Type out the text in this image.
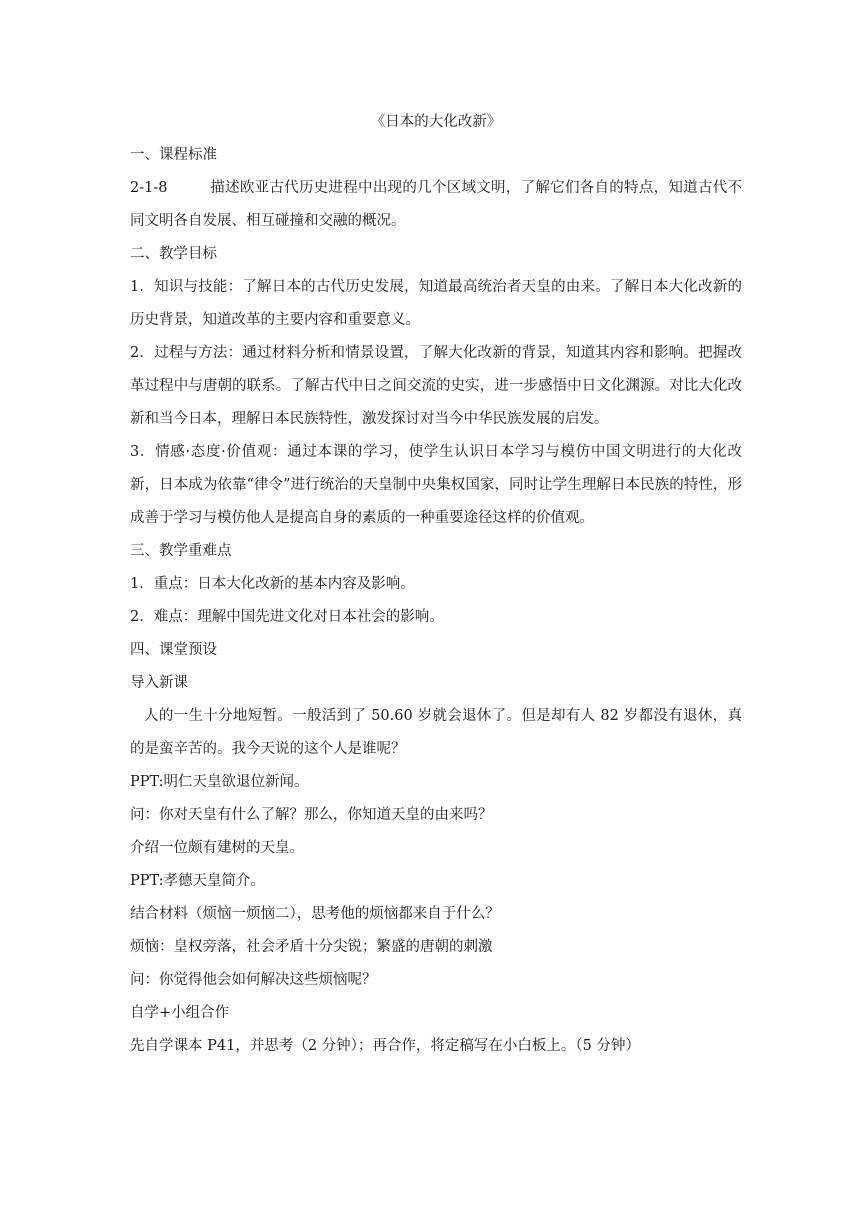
《日本的大化改新》

一、课程标准

2-1-8	描述欧亚古代历史进程中出现的几个区域文明，了解它们各自的特点，知道古代不同文明各自发展、相互碰撞和交融的概况。

二、教学目标

1．知识与技能：了解日本的古代历史发展，知道最高统治者天皇的由来。了解日本大化改新的历史背景，知道改革的主要内容和重要意义。

2．过程与方法：通过材料分析和情景设置，了解大化改新的背景，知道其内容和影响。把握改革过程中与唐朝的联系。了解古代中日之间交流的史实，进一步感悟中日文化渊源。对比大化改新和当今日本，理解日本民族特性，激发探讨对当今中华民族发展的启发。

3．情感·态度·价值观：通过本课的学习，使学生认识日本学习与模仿中国文明进行的大化改新，日本成为依靠“律令”进行统治的天皇制中央集权国家，同时让学生理解日本民族的特性，形成善于学习与模仿他人是提高自身的素质的一种重要途径这样的价值观。

三、教学重难点

1．重点：日本大化改新的基本内容及影响。

2．难点：理解中国先进文化对日本社会的影响。

四、课堂预设

导入新课

人的一生十分地短暂。一般活到了 50.60 岁就会退休了。但是却有人 82 岁都没有退休，真的是蛮辛苦的。我今天说的这个人是谁呢？

PPT:明仁天皇欲退位新闻。

问：你对天皇有什么了解？那么，你知道天皇的由来吗？

介绍一位颇有建树的天皇。

PPT:孝德天皇简介。

结合材料（烦恼一烦恼二），思考他的烦恼都来自于什么？

烦恼：皇权旁落，社会矛盾十分尖锐；繁盛的唐朝的刺激

问：你觉得他会如何解决这些烦恼呢？

自学+小组合作

先自学课本 P41，并思考（2 分钟）；再合作，将定稿写在小白板上。（5 分钟）
